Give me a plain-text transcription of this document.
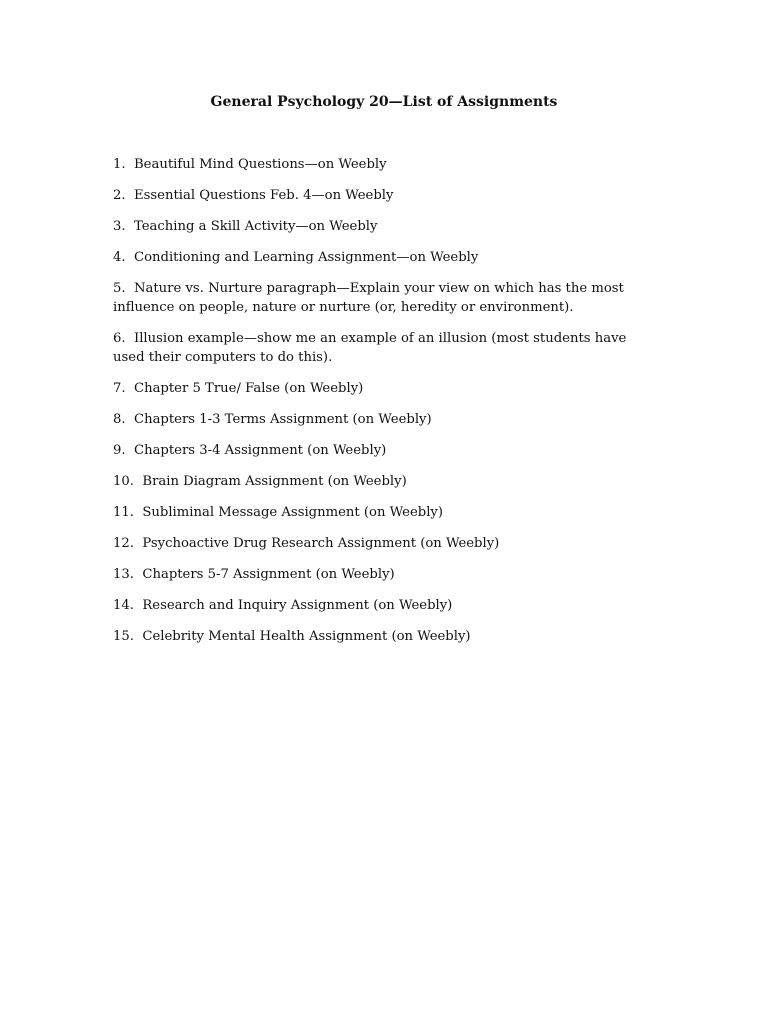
General Psychology 20—List of Assignments
1. Beautiful Mind Questions—on Weebly
2. Essential Questions Feb. 4—on Weebly
3. Teaching a Skill Activity—on Weebly
4. Conditioning and Learning Assignment—on Weebly
5. Nature vs. Nurture paragraph—Explain your view on which has the most influence on people, nature or nurture (or, heredity or environment).
6. Illusion example—show me an example of an illusion (most students have used their computers to do this).
7. Chapter 5 True/ False (on Weebly)
8. Chapters 1-3 Terms Assignment (on Weebly)
9. Chapters 3-4 Assignment (on Weebly)
10. Brain Diagram Assignment (on Weebly)
11. Subliminal Message Assignment (on Weebly)
12. Psychoactive Drug Research Assignment (on Weebly)
13. Chapters 5-7 Assignment (on Weebly)
14. Research and Inquiry Assignment (on Weebly)
15. Celebrity Mental Health Assignment (on Weebly)
